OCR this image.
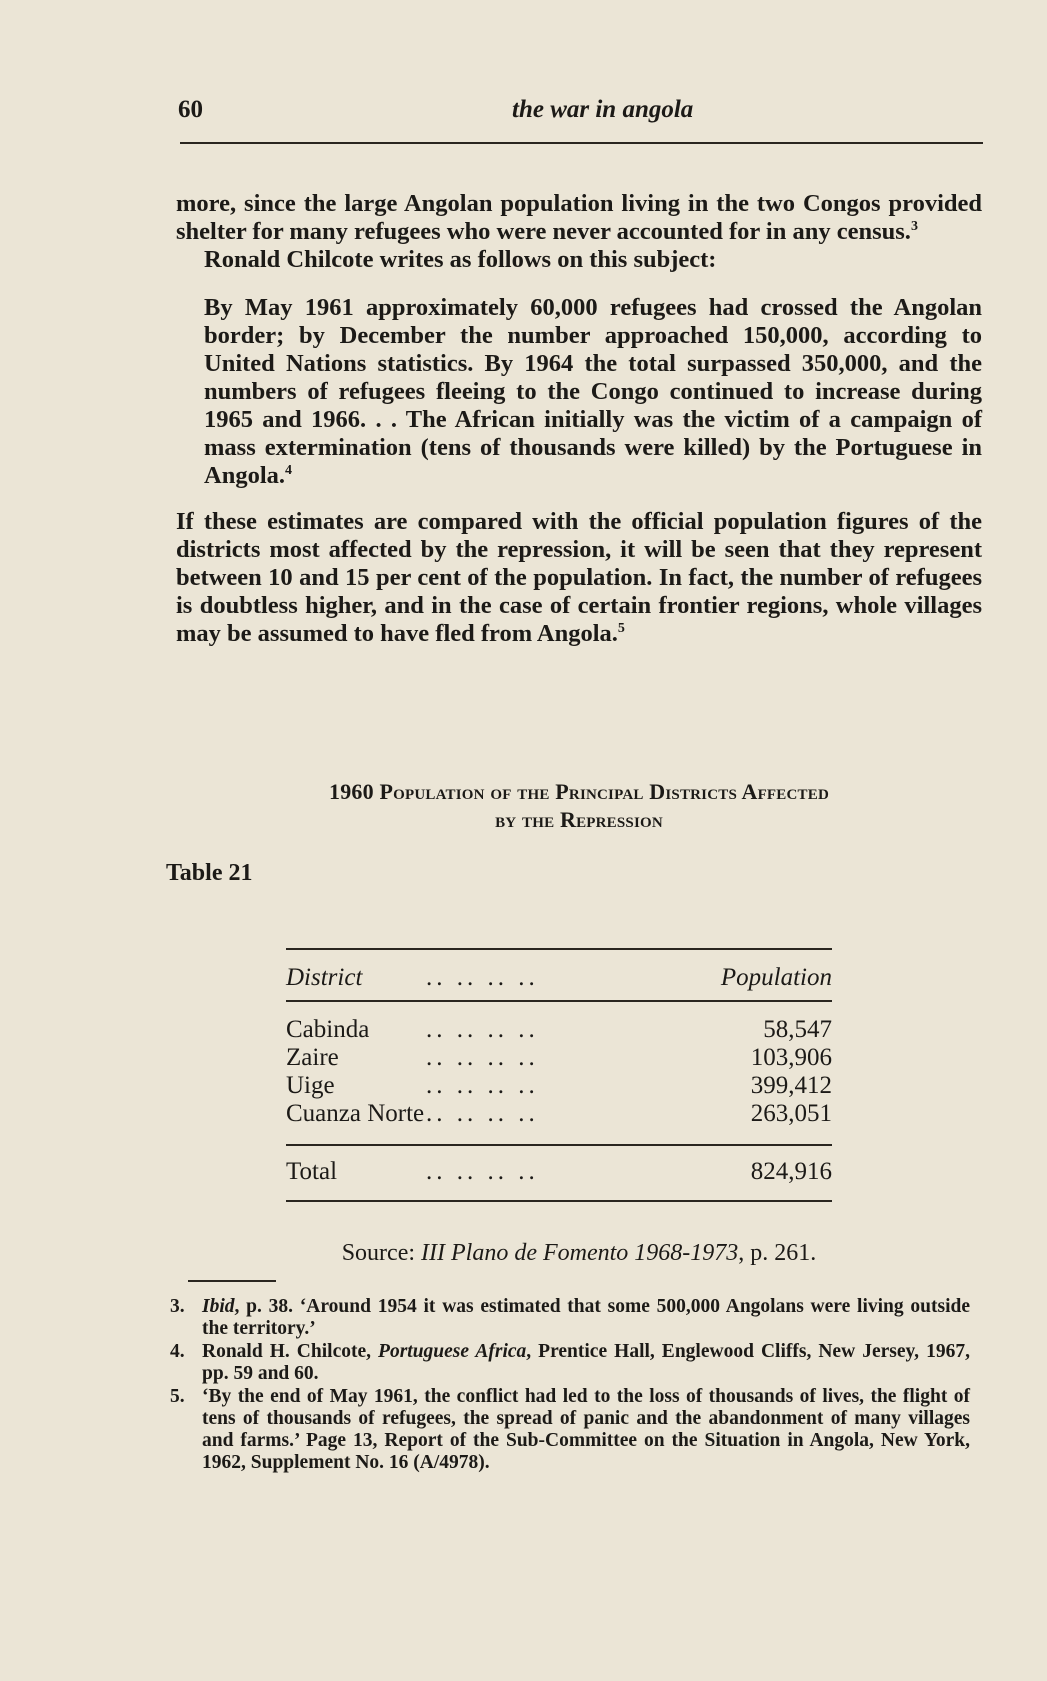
60	the war in angola

more, since the large Angolan population living in the two Congos provided shelter for many refugees who were never accounted for in any census.$^3$

Ronald Chilcote writes as follows on this subject:

By May 1961 approximately 60,000 refugees had crossed the Angolan border; by December the number approached 150,000, according to United Nations statistics. By 1964 the total surpassed 350,000, and the numbers of refugees fleeing to the Congo continued to increase during 1965 and 1966. . . The African initially was the victim of a campaign of mass extermination (tens of thousands were killed) by the Portuguese in Angola.$^4$

If these estimates are compared with the official population figures of the districts most affected by the repression, it will be seen that they represent between 10 and 15 per cent of the population. In fact, the number of refugees is doubtless higher, and in the case of certain frontier regions, whole villages may be assumed to have fled from Angola.$^5$

1960 Population of the Principal Districts Affected
by the Repression
Table 21
District	.. .. .. ..	Population
Cabinda .. .. .. ..	58,547
Zaire	.. .. .. ..	103,906
Uige	.. .. .. ..	399,412
Cuanza Norte .. .. .. ..	263,051
Total	.. .. .. ..	824,916
Source: III Plano de Fomento 1968-1973, p. 261.
3. Ibid, p. 38. ‘Around 1954 it was estimated that some 500,000 Angolans were living outside the territory.’
4. Ronald H. Chilcote, Portuguese Africa, Prentice Hall, Englewood Cliffs, New Jersey, 1967, pp. 59 and 60.
5. ‘By the end of May 1961, the conflict had led to the loss of thousands of lives, the flight of tens of thousands of refugees, the spread of panic and the abandonment of many villages and farms.’ Page 13, Report of the Sub-Committee on the Situation in Angola, New York, 1962, Supplement No. 16 (A/4978).
